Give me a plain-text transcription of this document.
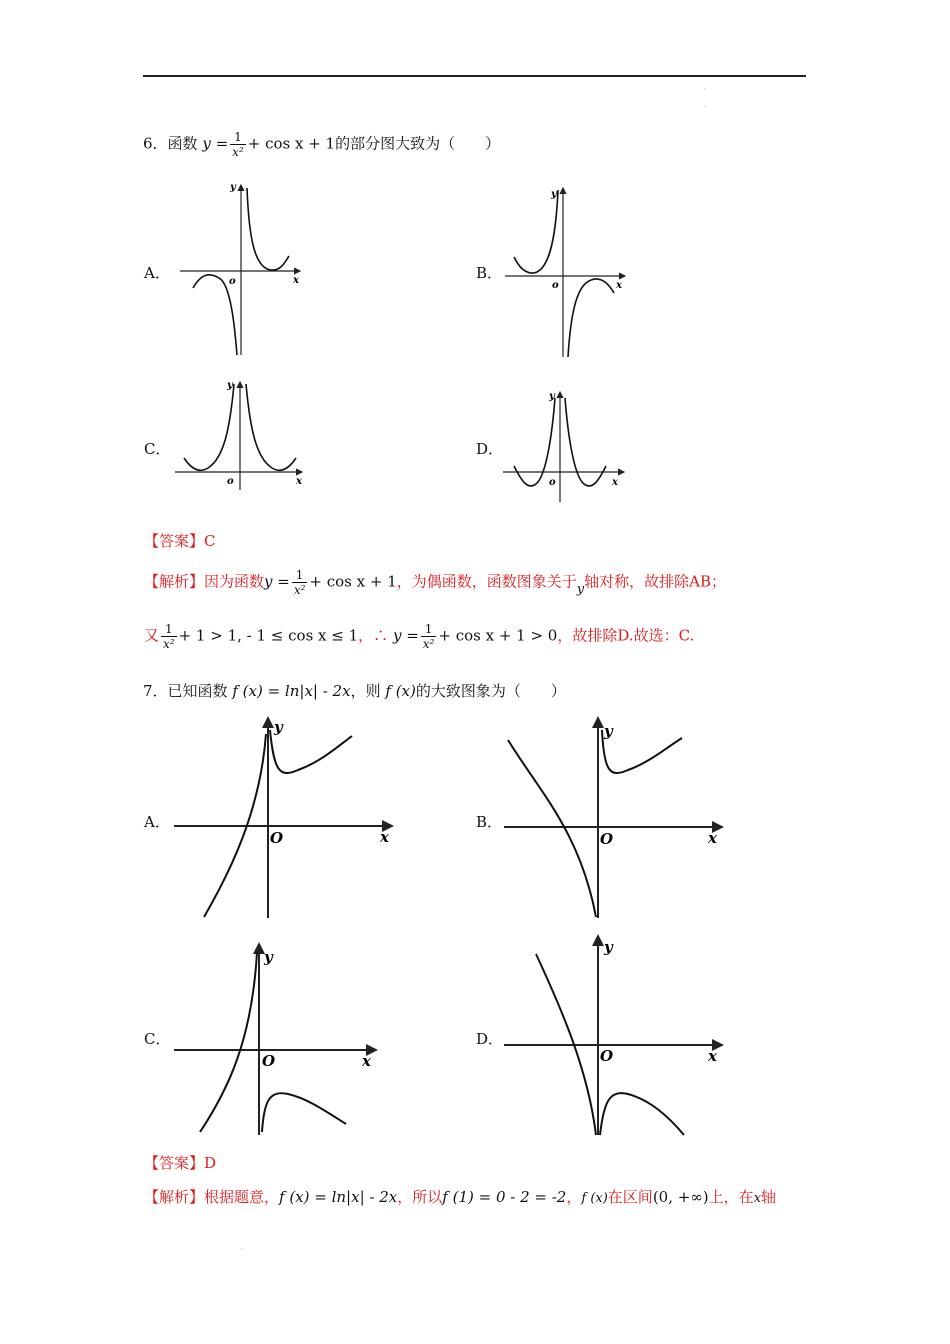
·
·
6．函数 $y = \frac{1}{\text{x²}} + \cos x + 1$的部分图大致为（　　）
A．	B．
C．	D．
o	x
y
o	x
y
o	x
y
o	x
y
【答案】C
【解析】因为函数$y = \frac{1}{\text{x²}} + \cos x + 1$，为偶函数，函数图象关于y轴对称，故排除AB；
又 $\frac{1}{\text{x²}} + 1 > 1$, - 1 ≤ cos x ≤ 1，∴ $y = \frac{1}{\text{x²}} + \cos x + 1 > 0$，故排除D.故选：C.
7．已知函数 f (x) = ln|x| - 2x，则 f (x)的大致图象为（　　）
A．	B．
C．	D．
O	x
y
O	x
y
O	x
y
O	x
y
【答案】D
【解析】根据题意，f (x) = ln|x| - 2x，所以f (1) = 0 - 2 = -2，f (x)在区间(0, +∞)上，在x轴
·
